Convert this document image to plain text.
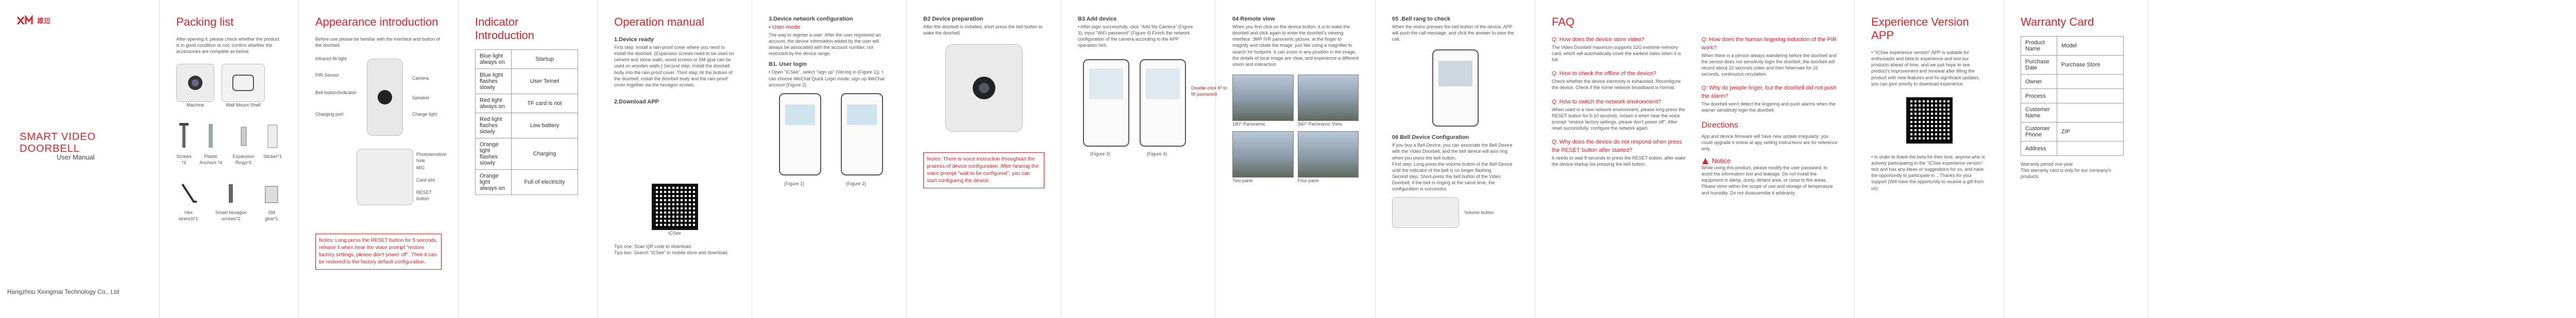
雄迈
SMART VIDEO DOORBELL
User Manual
Hangzhou Xiongmai Technology Co., Ltd
Packing list
After opening it, please check whether the product is in good condition or not, confirm whether the accessories are complete as below.
Machine	Wall Mount Shell
Screws *4
Plastic Anchors *4
Expansion Rings*4
Sticker*1
Hex wrench*1
Smart hexagon screws*2
SM glue*1
Appearance introduction
Before use please be familiar with the interface and button of the doorbell.
Infrared fill light
PIR Sensor
Bell button/Indicator
Camera
Speaker
Charge light
Charging port
Photosensitive hole
MIC
Card slot
RESET button
Notes: Long press the RESET button for 5 seconds, release it when hear the voice prompt "restore factory settings, please don't power off". Then it can be restored to the factory default configuration.
Indicator Introduction
Blue light always on	Startup
Blue light flashes slowly	User TeInet
Red light always on	TF card is not
Red light flashes slowly	Low battery
Orange light flashes slowly	Charging
Orange light always on	Full of electricity
Operation manual
1.Device ready
First step: Install a rain-proof cover where you need to install the doorbell. (Expansion screws need to be used on cement and stone walls, wood screws or SM glue can be used on wooden walls.) Second step: Install the doorbell body into the rain-proof cover. Third step: At the bottom of the doorbell, install the doorbell body and the rain-proof cover together via the hexagon screws.
2.Download APP
iCSee
Tips one: Scan QR code to download.
Tips two: Search "iCSee" in mobile store and download.
3.Device network configuration
• User-mode
The way to register a user: After the user registered an account, the device information added by the user will always be associated with the account number, not restricted by the device range.
B1. User login
• Open "iCSee", select "sign up" (Ver.log in (Figure 1)), • can choose WeChat Quick Login mode, sign up WeChat account (Figure 2)
(Figure 1)	(Figure 2)
B2 Device preparation
After the doorbell is installed, short press the bell button to wake the doorbell.
Notes: There is voice instruction throughout the process of device configuration. After hearing the voice prompt "wait to be configured", you can start configuring the device.
B3 Add device
• After login successfully, click "Add My Camera" (Figure 3), input "WiFi password" (Figure 4) Finish the network configuration of the camera according to the APP operation hint.
Double-click IP to fill password
(Figure 3)	(Figure 4)
04 Remote view
When you first click on the device button, it is to wake the doorbell and click again to enter the doorbell's viewing interface. 3MP IVR panoramic picture, at the finger to magnify and rotate the image, just like using a magnifier to search for footprint. It can zoom in any position in the image, the details of local image are clear, and experience a different vision and interaction.
180° Panoramic	360° Panoramic View
Two-pane	Four-pane
05 .Bell rang to check
When the visitor presses the bell button of the device, APP will push the call message, and click the answer to view the call.
06 Bell Device Configuration
If you buy a Bell Device, you can associate the Bell Device with the Video Doorbell, and the bell device will also ring when you press the bell button.
First step: Long-press the volume button of the Bell Device until the indicator of the bell is no longer flashing.
Second step: Short-press the bell button of the Video Doorbell, if the bell is ringing at the same time, the configuration is successful.
Volume button
FAQ
Q: How does the device store video?
The Video Doorbell maximum supports 32G extreme memory card, which will automatically cover the earliest video when it is full.
Q: How to check the offline of the device?
Check whether the device electricity is exhausted. Reconfigure the device. Check if the home network broadband is normal.
Q: How to switch the network environment?
When used in a new network environment, please long-press the RESET button for 5-10 seconds, loosen it when hear the voice prompt "restore factory settings, please don't power off". After reset successfully, configure the network again.
Q: Why does the device do not respond when press the RESET button after started?
It needs to wait 8 seconds to press the RESET button, after wake the device startup via pressing the bell button.
Q: How does the human lingering induction of the PIR work?
When there is a person always wandering before the doorbell and the sensor does not sensitivity login the doorbell, the doorbell will record about 10 seconds video and then hibernate for 10 seconds, continuous circulation.
Q: Why do people linger, but the doorbell did not push the alarm?
The doorbell won't detect the lingering and push alarms when the warner sensitivity login the doorbell.
Directions
App and device firmware will have new update irregularly; you could upgrade it online at app setting instructions are for reference only.
Notice
While using this product, please modify the user password, to avoid the information lost and leakage. Do not install the equipment in damp, dusty, dirtiest area, or close to fire areas. Please store within the scope of use and storage of temperature and humidity. Do not disassemble it arbitrarily.
Experience Version APP
• "iCSee experience version" APP is suitable for enthusiasts and beta to experience and test our products ahead of time, and we just hope to see product's improvement and renewal after filling the product with new features and fix significant updates, you can give priority to download experience.
• In order to thank the beta for their love, anyone who is actively participating in the "iCSee experience version" test and has any ideas or suggestions for us, and have the opportunity to participate in ...Thanks for your support (Will have the opportunity to receive a gift from us).
Warranty Card
Product Name	Model
Purchase Date	Purchase Store
Owner	
Process	
Customer Name	
Customer Phone	ZIP
Address	
Warranty period one year.
This warranty card is only for our company's products.
